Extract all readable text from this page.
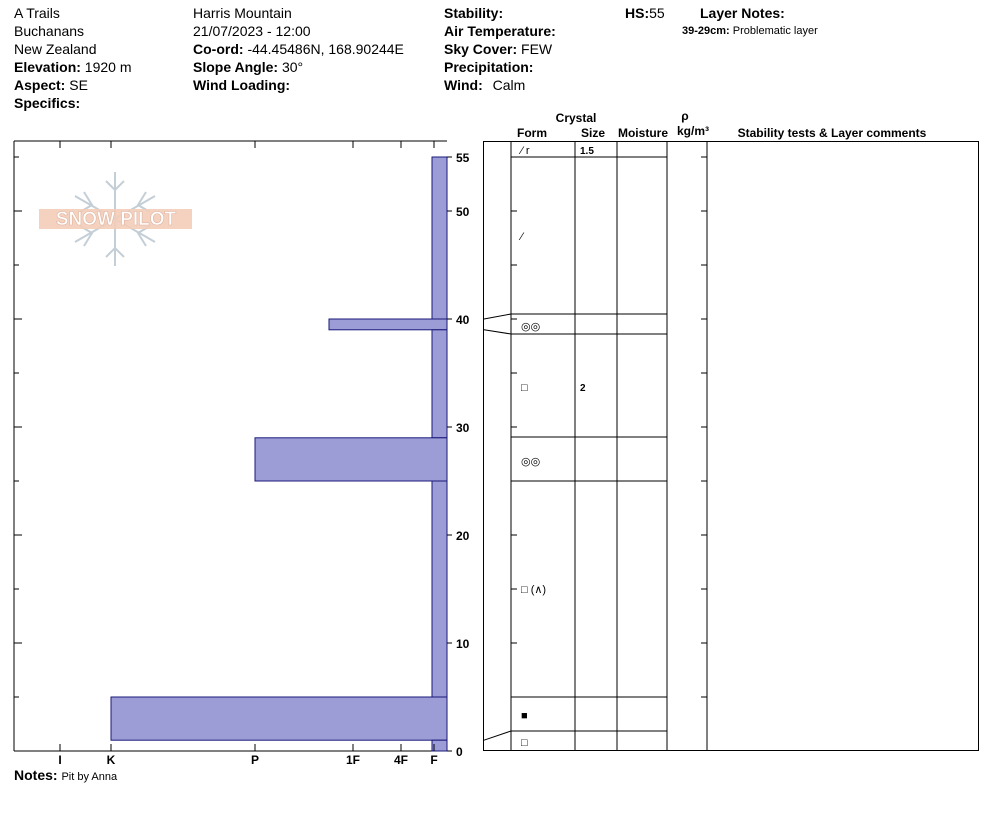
A Trails
Buchanans
New Zealand
Elevation: 1920 m
Aspect: SE
Specifics:
Harris Mountain
21/07/2023 - 12:00
Co-ord: -44.45486N, 168.90244E
Slope Angle: 30°
Wind Loading:
Stability:
Air Temperature:
Sky Cover: FEW
Precipitation:
Wind: Calm
HS:55	Layer Notes:
39-29cm: Problematic layer
Notes: Pit by Anna
SNOW PILOT
I	K	P	1F	4F F
0
10
20
30
40
50
55
Crystal
Form	Size Moisture
ρ
kg/m³ Stability tests & Layer comments
⁄ r	1.5
⁄
◎◎
□	2
◎◎
□ (∧)
■
□
